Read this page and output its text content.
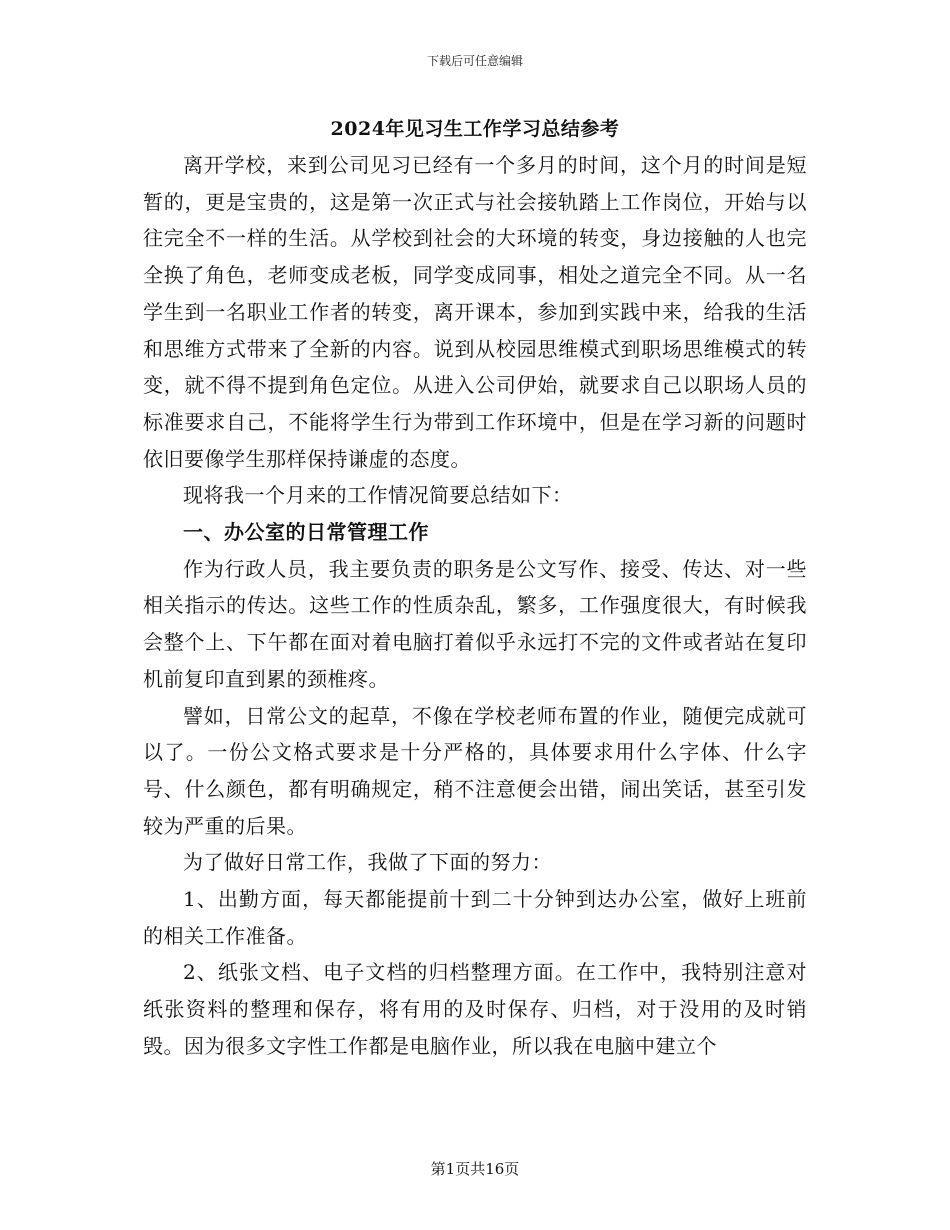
下载后可任意编辑
2024年见习生工作学习总结参考

离开学校，来到公司见习已经有一个多月的时间，这个月的时间是短暂的，更是宝贵的，这是第一次正式与社会接轨踏上工作岗位，开始与以往完全不一样的生活。从学校到社会的大环境的转变，身边接触的人也完全换了角色，老师变成老板，同学变成同事，相处之道完全不同。从一名学生到一名职业工作者的转变，离开课本，参加到实践中来，给我的生活和思维方式带来了全新的内容。说到从校园思维模式到职场思维模式的转变，就不得不提到角色定位。从进入公司伊始，就要求自己以职场人员的标准要求自己，不能将学生行为带到工作环境中，但是在学习新的问题时依旧要像学生那样保持谦虚的态度。

现将我一个月来的工作情况简要总结如下：

一、办公室的日常管理工作

作为行政人员，我主要负责的职务是公文写作、接受、传达、对一些相关指示的传达。这些工作的性质杂乱，繁多，工作强度很大，有时候我会整个上、下午都在面对着电脑打着似乎永远打不完的文件或者站在复印机前复印直到累的颈椎疼。

譬如，日常公文的起草，不像在学校老师布置的作业，随便完成就可以了。一份公文格式要求是十分严格的，具体要求用什么字体、什么字号、什么颜色，都有明确规定，稍不注意便会出错，闹出笑话，甚至引发较为严重的后果。

为了做好日常工作，我做了下面的努力：

1、出勤方面，每天都能提前十到二十分钟到达办公室，做好上班前的相关工作准备。

2、纸张文档、电子文档的归档整理方面。在工作中，我特别注意对纸张资料的整理和保存，将有用的及时保存、归档，对于没用的及时销毁。因为很多文字性工作都是电脑作业，所以我在电脑中建立个

第1页共16页
